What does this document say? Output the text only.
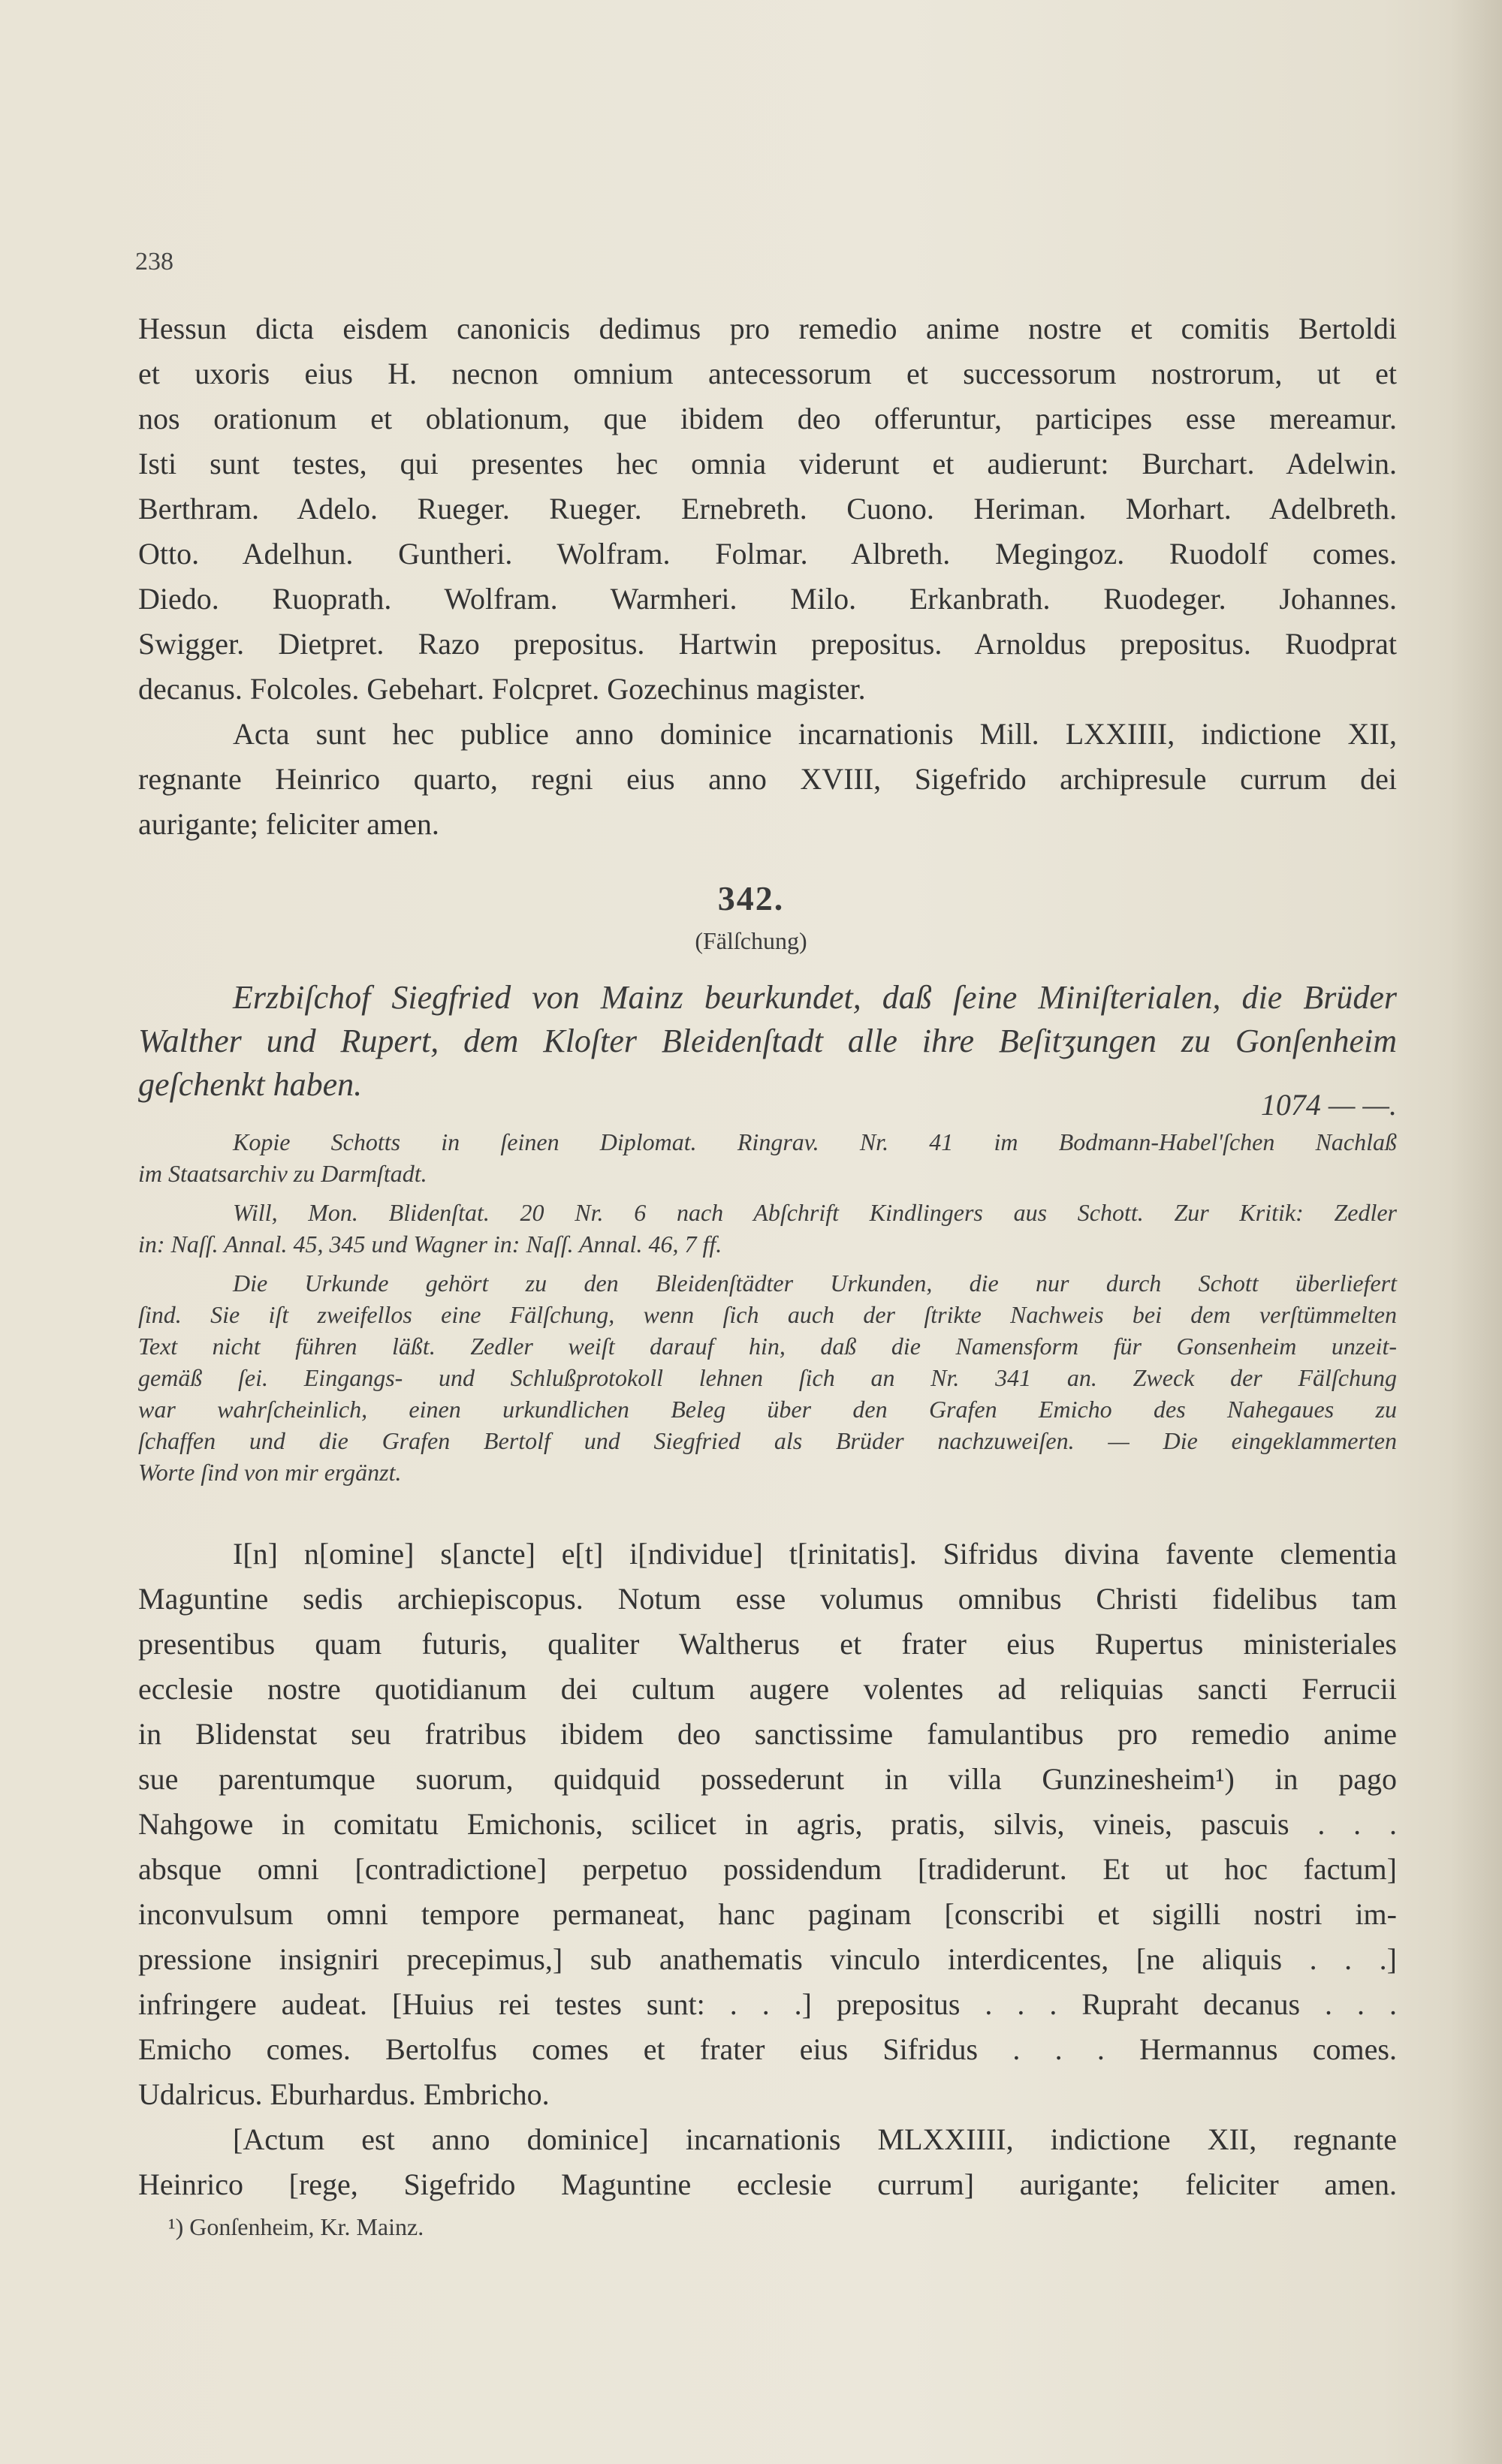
238
Hessun dicta eisdem canonicis dedimus pro remedio anime nostre et comitis Bertoldi
et uxoris eius H. necnon omnium antecessorum et successorum nostrorum, ut et
nos orationum et oblationum, que ibidem deo offeruntur, participes esse mereamur.
Isti sunt testes, qui presentes hec omnia viderunt et audierunt: Burchart. Adelwin.
Berthram. Adelo. Rueger. Rueger. Ernebreth. Cuono. Heriman. Morhart. Adelbreth.
Otto. Adelhun. Guntheri. Wolfram. Folmar. Albreth. Megingoz. Ruodolf comes.
Diedo. Ruoprath. Wolfram. Warmheri. Milo. Erkanbrath. Ruodeger. Johannes.
Swigger. Dietpret. Razo prepositus. Hartwin prepositus. Arnoldus prepositus. Ruodprat
decanus. Folcoles. Gebehart. Folcpret. Gozechinus magister.
Acta sunt hec publice anno dominice incarnationis Mill. LXXIIII, indictione XII,
regnante Heinrico quarto, regni eius anno XVIII, Sigefrido archipresule currum dei
aurigante; feliciter amen.
342.
(Fälſchung)
Erzbiſchof Siegfried von Mainz beurkundet, daß ſeine Miniſterialen, die Brüder
Walther und Rupert, dem Kloſter Bleidenſtadt alle ihre Beſitʒungen zu Gonſenheim
geſchenkt haben.
1074 — —.
Kopie Schotts in ſeinen Diplomat. Ringrav. Nr. 41 im Bodmann-Habel'ſchen Nachlaß
im Staatsarchiv zu Darmſtadt.
Will, Mon. Blidenſtat. 20 Nr. 6 nach Abſchrift Kindlingers aus Schott. Zur Kritik: Zedler
in: Naſſ. Annal. 45, 345 und Wagner in: Naſſ. Annal. 46, 7 ff.
Die Urkunde gehört zu den Bleidenſtädter Urkunden, die nur durch Schott überliefert
ſind. Sie iſt zweifellos eine Fälſchung, wenn ſich auch der ſtrikte Nachweis bei dem verſtümmelten
Text nicht führen läßt. Zedler weiſt darauf hin, daß die Namensform für Gonsenheim unzeit-
gemäß ſei. Eingangs- und Schlußprotokoll lehnen ſich an Nr. 341 an. Zweck der Fälſchung
war wahrſcheinlich, einen urkundlichen Beleg über den Grafen Emicho des Nahegaues zu
ſchaffen und die Grafen Bertolf und Siegfried als Brüder nachzuweiſen. — Die eingeklammerten
Worte ſind von mir ergänzt.
I[n] n[omine] s[ancte] e[t] i[ndividue] t[rinitatis]. Sifridus divina favente clementia
Maguntine sedis archiepiscopus. Notum esse volumus omnibus Christi fidelibus tam
presentibus quam futuris, qualiter Waltherus et frater eius Rupertus ministeriales
ecclesie nostre quotidianum dei cultum augere volentes ad reliquias sancti Ferrucii
in Blidenstat seu fratribus ibidem deo sanctissime famulantibus pro remedio anime
sue parentumque suorum, quidquid possederunt in villa Gunzinesheim¹) in pago
Nahgowe in comitatu Emichonis, scilicet in agris, pratis, silvis, vineis, pascuis . . .
absque omni [contradictione] perpetuo possidendum [tradiderunt. Et ut hoc factum]
inconvulsum omni tempore permaneat, hanc paginam [conscribi et sigilli nostri im-
pressione insigniri precepimus,] sub anathematis vinculo interdicentes, [ne aliquis . . .]
infringere audeat. [Huius rei testes sunt: . . .] prepositus . . . Rupraht decanus . . .
Emicho comes. Bertolfus comes et frater eius Sifridus . . . Hermannus comes.
Udalricus. Eburhardus. Embricho.
[Actum est anno dominice] incarnationis MLXXIIII, indictione XII, regnante
Heinrico [rege, Sigefrido Maguntine ecclesie currum] aurigante; feliciter amen.
¹) Gonſenheim, Kr. Mainz.
